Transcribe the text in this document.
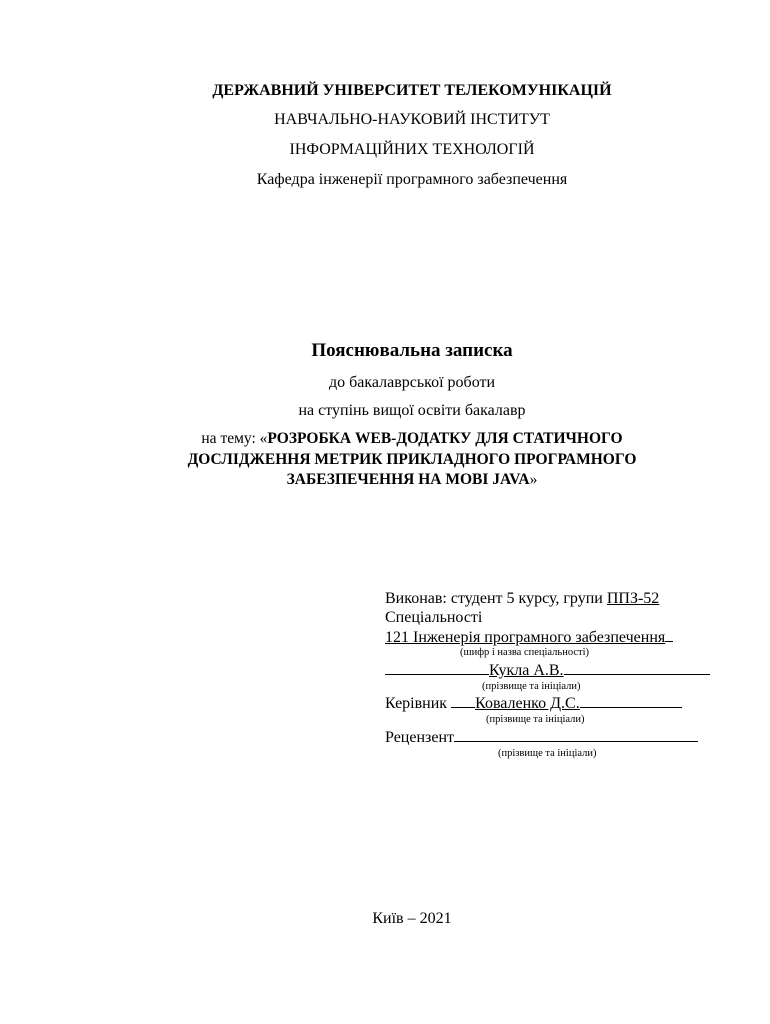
ДЕРЖАВНИЙ УНІВЕРСИТЕТ ТЕЛЕКОМУНІКАЦІЙ
НАВЧАЛЬНО-НАУКОВИЙ ІНСТИТУТ
ІНФОРМАЦІЙНИХ ТЕХНОЛОГІЙ
Кафедра інженерії програмного забезпечення
Пояснювальна записка
до бакалаврської роботи
на ступінь вищої освіти бакалавр
на тему: «РОЗРОБКА WEB-ДОДАТКУ ДЛЯ СТАТИЧНОГО
ДОСЛІДЖЕННЯ МЕТРИК ПРИКЛАДНОГО ПРОГРАМНОГО
ЗАБЕЗПЕЧЕННЯ НА МОВІ JAVA»
Виконав: студент 5 курсу, групи ППЗ-52
Спеціальності
121 Інженерія програмного забезпечення
(шифр і назва спеціальності)
Кукла А.В.
(прізвище та ініціали)
Керівник Коваленко Д.С.
(прізвище та ініціали)
Рецензент
(прізвище та ініціали)
Київ – 2021
